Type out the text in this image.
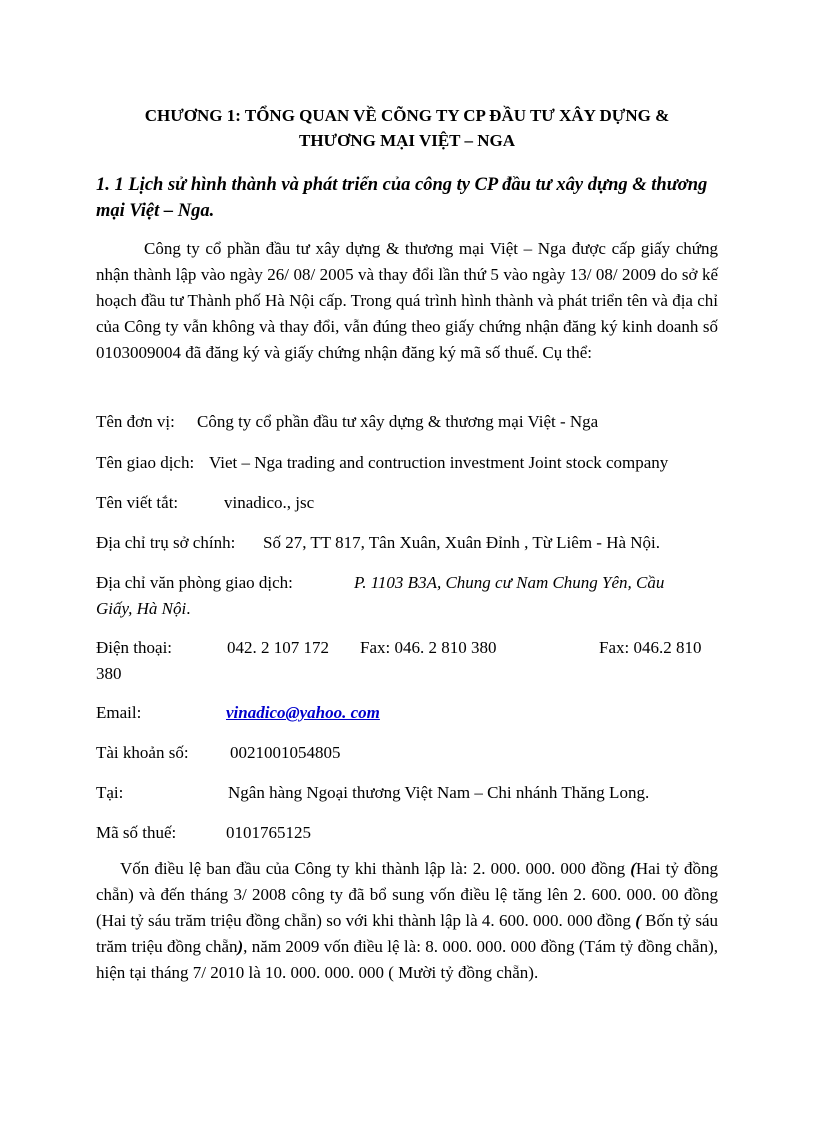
CHƯƠNG 1: TỔNG QUAN VỀ CÕNG TY CP ĐẦU TƯ XÂY DỰNG &
THƯƠNG MẠI VIỆT – NGA
1. 1 Lịch sử hình thành và phát triển của công ty CP đầu tư xây dựng & thương mại Việt – Nga.
Công ty cổ phần đầu tư xây dựng & thương mại Việt – Nga được cấp giấy chứng nhận thành lập vào ngày 26/ 08/ 2005 và thay đổi lần thứ 5 vào ngày 13/ 08/ 2009 do sở kế hoạch đầu tư Thành phố Hà Nội cấp. Trong quá trình hình thành và phát triển tên và địa chỉ của Công ty vẫn không và thay đổi, vẫn đúng theo giấy chứng nhận đăng ký kinh doanh số 0103009004 đã đăng ký và giấy chứng nhận đăng ký mã số thuế. Cụ thể:
Tên đơn vị: Công ty cổ phần đầu tư xây dựng & thương mại Việt - Nga
Tên giao dịch: Viet – Nga trading and contruction investment Joint stock company
Tên viết tắt:	vinadico., jsc
Địa chỉ trụ sở chính: Số 27, TT 817, Tân Xuân, Xuân Đỉnh , Từ Liêm - Hà Nội.
Địa chỉ văn phòng giao dịch:	P. 1103 B3A, Chung cư Nam Chung Yên, Cầu
Giấy, Hà Nội.
Điện thoại:	042. 2 107 172 Fax: 046. 2 810 380	Fax: 046.2 810
380
Email:	vinadico@yahoo. com
Tài khoản số: 0021001054805
Tại:	Ngân hàng Ngoại thương Việt Nam – Chi nhánh Thăng Long.
Mã số thuế:	0101765125
Vốn điều lệ ban đầu của Công ty khi thành lập là: 2. 000. 000. 000 đồng (Hai tỷ đồng chẵn) và đến tháng 3/ 2008 công ty đã bổ sung vốn điều lệ tăng lên 2. 600. 000. 00 đồng (Hai tỷ sáu trăm triệu đồng chẵn) so với khi thành lập là 4. 600. 000. 000 đồng ( Bốn tỷ sáu trăm triệu đồng chẵn), năm 2009 vốn điều lệ là: 8. 000. 000. 000 đồng (Tám tỷ đồng chẵn), hiện tại tháng 7/ 2010 là 10. 000. 000. 000 ( Mười tỷ đồng chẵn).
